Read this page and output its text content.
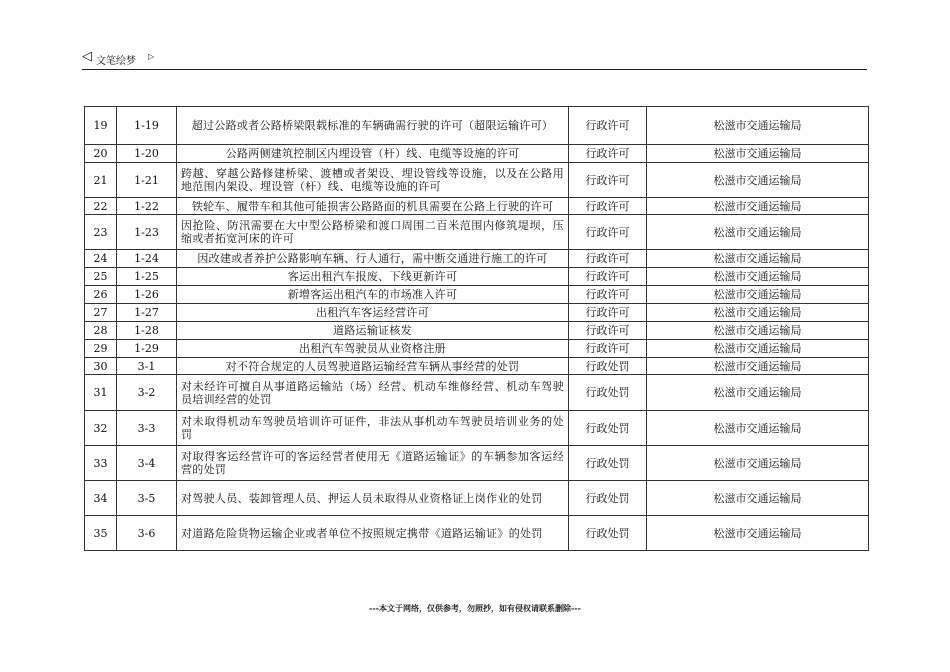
◁ 文笔绘梦 ▷
19	1-19	超过公路或者公路桥梁限载标准的车辆确需行驶的许可（超限运输许可）	行政许可	松滋市交通运输局
20	1-20	公路两侧建筑控制区内埋设管（杆）线、电缆等设施的许可	行政许可	松滋市交通运输局
21	1-21	跨越、穿越公路修建桥梁、渡槽或者架设、埋设管线等设施，以及在公路用地范围内架设、埋设管（杆）线、电缆等设施的许可	行政许可	松滋市交通运输局
22	1-22	铁轮车、履带车和其他可能损害公路路面的机具需要在公路上行驶的许可	行政许可	松滋市交通运输局
23	1-23	因抢险、防汛需要在大中型公路桥梁和渡口周围二百米范围内修筑堤坝，压缩或者拓宽河床的许可	行政许可	松滋市交通运输局
24	1-24	因改建或者养护公路影响车辆、行人通行，需中断交通进行施工的许可	行政许可	松滋市交通运输局
25	1-25	客运出租汽车报废、下线更新许可	行政许可	松滋市交通运输局
26	1-26	新增客运出租汽车的市场准入许可	行政许可	松滋市交通运输局
27	1-27	出租汽车客运经营许可	行政许可	松滋市交通运输局
28	1-28	道路运输证核发	行政许可	松滋市交通运输局
29	1-29	出租汽车驾驶员从业资格注册	行政许可	松滋市交通运输局
30	3-1	对不符合规定的人员驾驶道路运输经营车辆从事经营的处罚	行政处罚	松滋市交通运输局
31	3-2	对未经许可擅自从事道路运输站（场）经营、机动车维修经营、机动车驾驶员培训经营的处罚	行政处罚	松滋市交通运输局
32	3-3	对未取得机动车驾驶员培训许可证件，非法从事机动车驾驶员培训业务的处罚	行政处罚	松滋市交通运输局
33	3-4	对取得客运经营许可的客运经营者使用无《道路运输证》的车辆参加客运经营的处罚	行政处罚	松滋市交通运输局
34	3-5	对驾驶人员、装卸管理人员、押运人员未取得从业资格证上岗作业的处罚	行政处罚	松滋市交通运输局
35	3-6	对道路危险货物运输企业或者单位不按照规定携带《道路运输证》的处罚	行政处罚	松滋市交通运输局
---本文于网络，仅供参考，勿照抄，如有侵权请联系删除---
